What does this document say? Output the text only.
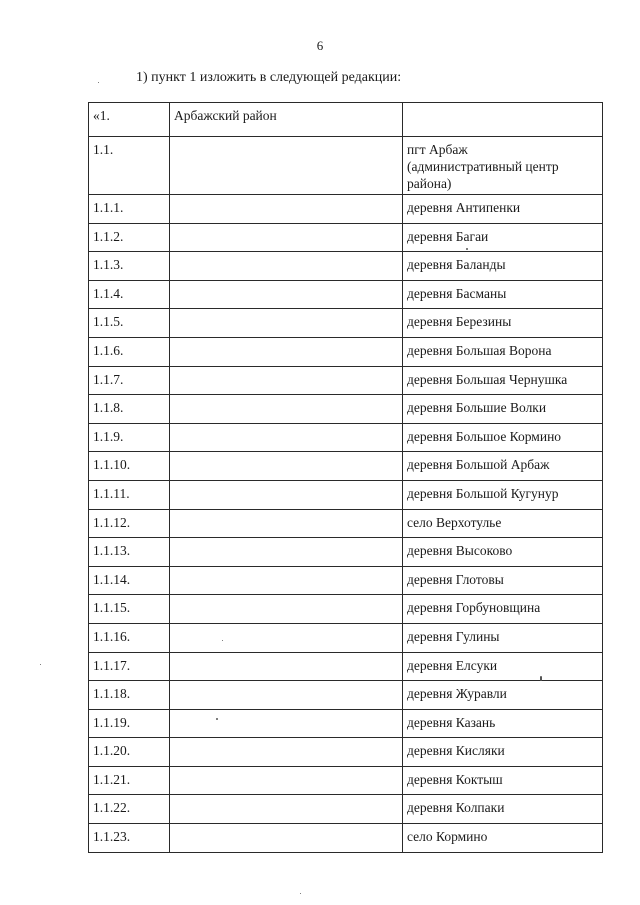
6
1) пункт 1 изложить в следующей редакции:
«1.	Арбажский район	
1.1.		пгт Арбаж
(административный центр
района)
1.1.1.		деревня Антипенки
1.1.2.		деревня Багаи
1.1.3.		деревня Баланды
1.1.4.		деревня Басманы
1.1.5.		деревня Березины
1.1.6.		деревня Большая Ворона
1.1.7.		деревня Большая Чернушка
1.1.8.		деревня Большие Волки
1.1.9.		деревня Большое Кормино
1.1.10.		деревня Большой Арбаж
1.1.11.		деревня Большой Кугунур
1.1.12.		село Верхотулье
1.1.13.		деревня Высоково
1.1.14.		деревня Глотовы
1.1.15.		деревня Горбуновщина
1.1.16.		деревня Гулины
1.1.17.		деревня Елсуки
1.1.18.		деревня Журавли
1.1.19.		деревня Казань
1.1.20.		деревня Кисляки
1.1.21.		деревня Коктыш
1.1.22.		деревня Колпаки
1.1.23.		село Кормино
